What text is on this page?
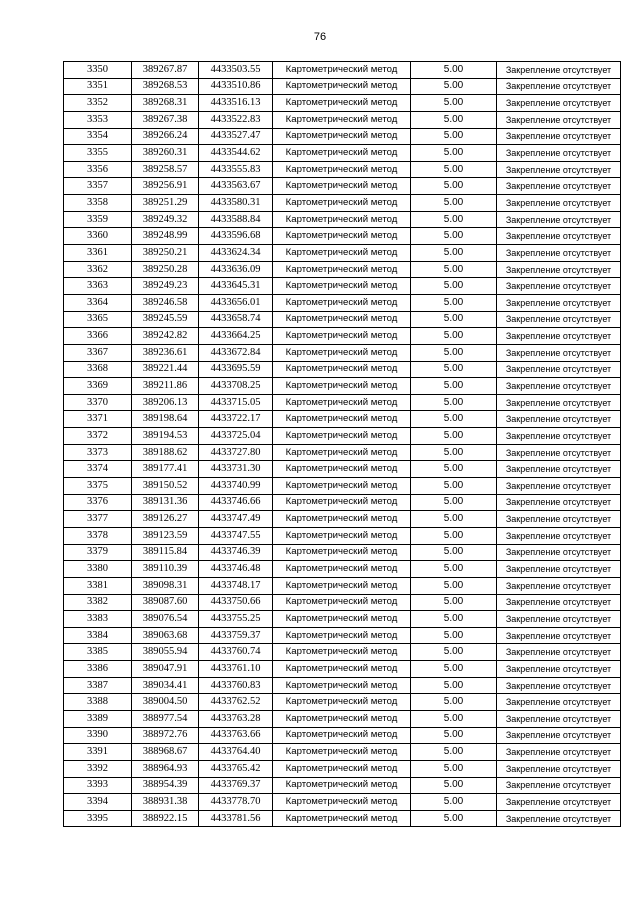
76
3350	389267.87	4433503.55	Картометрический метод	5.00	Закрепление отсутствует
3351	389268.53	4433510.86	Картометрический метод	5.00	Закрепление отсутствует
3352	389268.31	4433516.13	Картометрический метод	5.00	Закрепление отсутствует
3353	389267.38	4433522.83	Картометрический метод	5.00	Закрепление отсутствует
3354	389266.24	4433527.47	Картометрический метод	5.00	Закрепление отсутствует
3355	389260.31	4433544.62	Картометрический метод	5.00	Закрепление отсутствует
3356	389258.57	4433555.83	Картометрический метод	5.00	Закрепление отсутствует
3357	389256.91	4433563.67	Картометрический метод	5.00	Закрепление отсутствует
3358	389251.29	4433580.31	Картометрический метод	5.00	Закрепление отсутствует
3359	389249.32	4433588.84	Картометрический метод	5.00	Закрепление отсутствует
3360	389248.99	4433596.68	Картометрический метод	5.00	Закрепление отсутствует
3361	389250.21	4433624.34	Картометрический метод	5.00	Закрепление отсутствует
3362	389250.28	4433636.09	Картометрический метод	5.00	Закрепление отсутствует
3363	389249.23	4433645.31	Картометрический метод	5.00	Закрепление отсутствует
3364	389246.58	4433656.01	Картометрический метод	5.00	Закрепление отсутствует
3365	389245.59	4433658.74	Картометрический метод	5.00	Закрепление отсутствует
3366	389242.82	4433664.25	Картометрический метод	5.00	Закрепление отсутствует
3367	389236.61	4433672.84	Картометрический метод	5.00	Закрепление отсутствует
3368	389221.44	4433695.59	Картометрический метод	5.00	Закрепление отсутствует
3369	389211.86	4433708.25	Картометрический метод	5.00	Закрепление отсутствует
3370	389206.13	4433715.05	Картометрический метод	5.00	Закрепление отсутствует
3371	389198.64	4433722.17	Картометрический метод	5.00	Закрепление отсутствует
3372	389194.53	4433725.04	Картометрический метод	5.00	Закрепление отсутствует
3373	389188.62	4433727.80	Картометрический метод	5.00	Закрепление отсутствует
3374	389177.41	4433731.30	Картометрический метод	5.00	Закрепление отсутствует
3375	389150.52	4433740.99	Картометрический метод	5.00	Закрепление отсутствует
3376	389131.36	4433746.66	Картометрический метод	5.00	Закрепление отсутствует
3377	389126.27	4433747.49	Картометрический метод	5.00	Закрепление отсутствует
3378	389123.59	4433747.55	Картометрический метод	5.00	Закрепление отсутствует
3379	389115.84	4433746.39	Картометрический метод	5.00	Закрепление отсутствует
3380	389110.39	4433746.48	Картометрический метод	5.00	Закрепление отсутствует
3381	389098.31	4433748.17	Картометрический метод	5.00	Закрепление отсутствует
3382	389087.60	4433750.66	Картометрический метод	5.00	Закрепление отсутствует
3383	389076.54	4433755.25	Картометрический метод	5.00	Закрепление отсутствует
3384	389063.68	4433759.37	Картометрический метод	5.00	Закрепление отсутствует
3385	389055.94	4433760.74	Картометрический метод	5.00	Закрепление отсутствует
3386	389047.91	4433761.10	Картометрический метод	5.00	Закрепление отсутствует
3387	389034.41	4433760.83	Картометрический метод	5.00	Закрепление отсутствует
3388	389004.50	4433762.52	Картометрический метод	5.00	Закрепление отсутствует
3389	388977.54	4433763.28	Картометрический метод	5.00	Закрепление отсутствует
3390	388972.76	4433763.66	Картометрический метод	5.00	Закрепление отсутствует
3391	388968.67	4433764.40	Картометрический метод	5.00	Закрепление отсутствует
3392	388964.93	4433765.42	Картометрический метод	5.00	Закрепление отсутствует
3393	388954.39	4433769.37	Картометрический метод	5.00	Закрепление отсутствует
3394	388931.38	4433778.70	Картометрический метод	5.00	Закрепление отсутствует
3395	388922.15	4433781.56	Картометрический метод	5.00	Закрепление отсутствует
